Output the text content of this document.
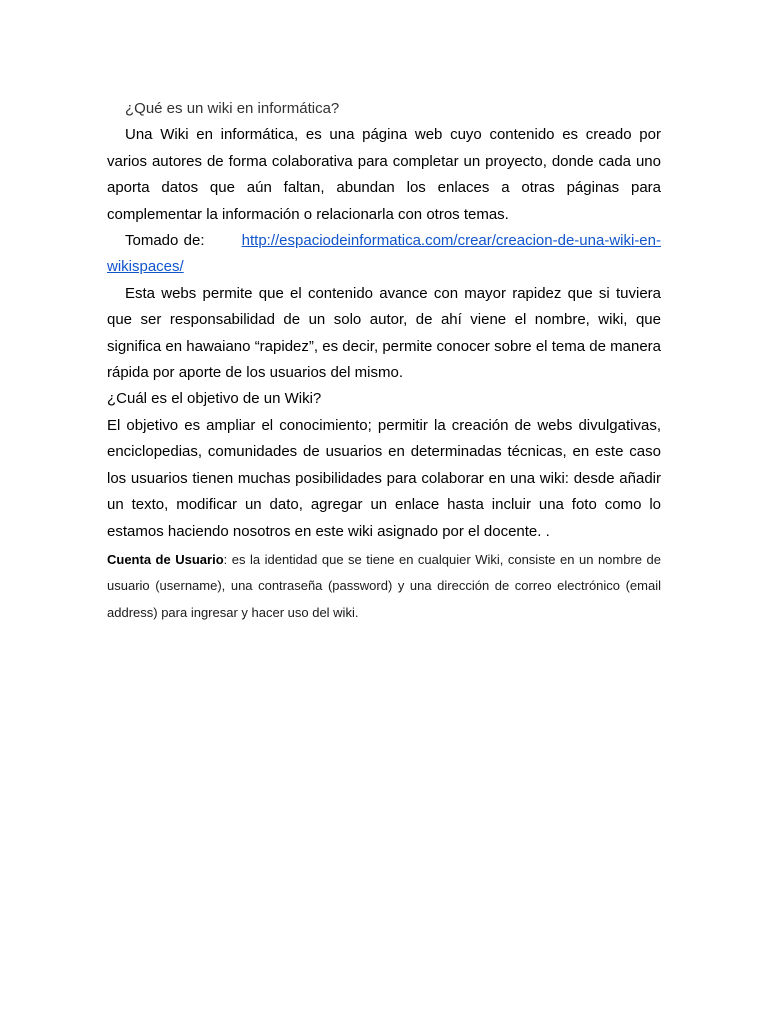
¿Qué es un wiki en informática?

Una Wiki en informática, es una página web cuyo contenido es creado por varios autores de forma colaborativa para completar un proyecto, donde cada uno aporta datos que aún faltan, abundan los enlaces a otras páginas para complementar la información o relacionarla con otros temas.

Tomado de: http://espaciodeinformatica.com/crear/creacion-de-una-wiki-en-wikispaces/

Esta webs permite que el contenido avance con mayor rapidez que si tuviera que ser responsabilidad de un solo autor, de ahí viene el nombre, wiki, que significa en hawaiano “rapidez”, es decir, permite conocer sobre el tema de manera rápida por aporte de los usuarios del mismo.

¿Cuál es el objetivo de un Wiki?

El objetivo es ampliar el conocimiento; permitir la creación de webs divulgativas, enciclopedias, comunidades de usuarios en determinadas técnicas, en este caso los usuarios tienen muchas posibilidades para colaborar en una wiki: desde añadir un texto, modificar un dato, agregar un enlace hasta incluir una foto como lo estamos haciendo nosotros en este wiki asignado por el docente. .

Cuenta de Usuario: es la identidad que se tiene en cualquier Wiki, consiste en un nombre de usuario (username), una contraseña (password) y una dirección de correo electrónico (email address) para ingresar y hacer uso del wiki.
